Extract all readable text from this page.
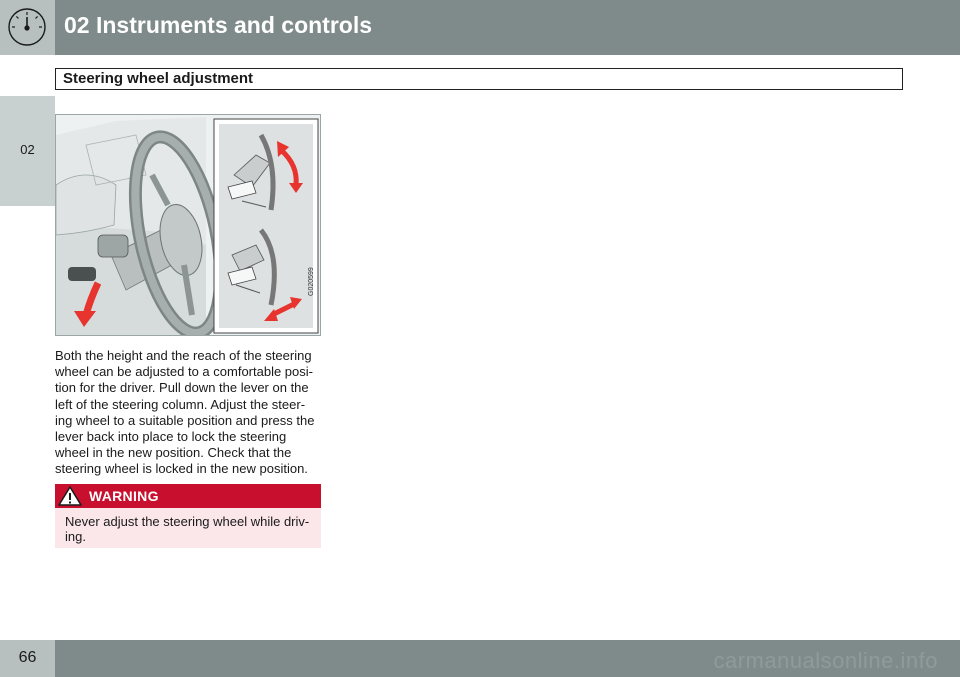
02 Instruments and controls
02
Steering wheel adjustment
G020599

Both the height and the reach of the steering

wheel can be adjusted to a comfortable posi-

tion for the driver. Pull down the lever on the

left of the steering column. Adjust the steer-

ing wheel to a suitable position and press the

lever back into place to lock the steering

wheel in the new position. Check that the

steering wheel is locked in the new position.

WARNING
Never adjust the steering wheel while driv-
ing.
66	carmanualsonline.info
